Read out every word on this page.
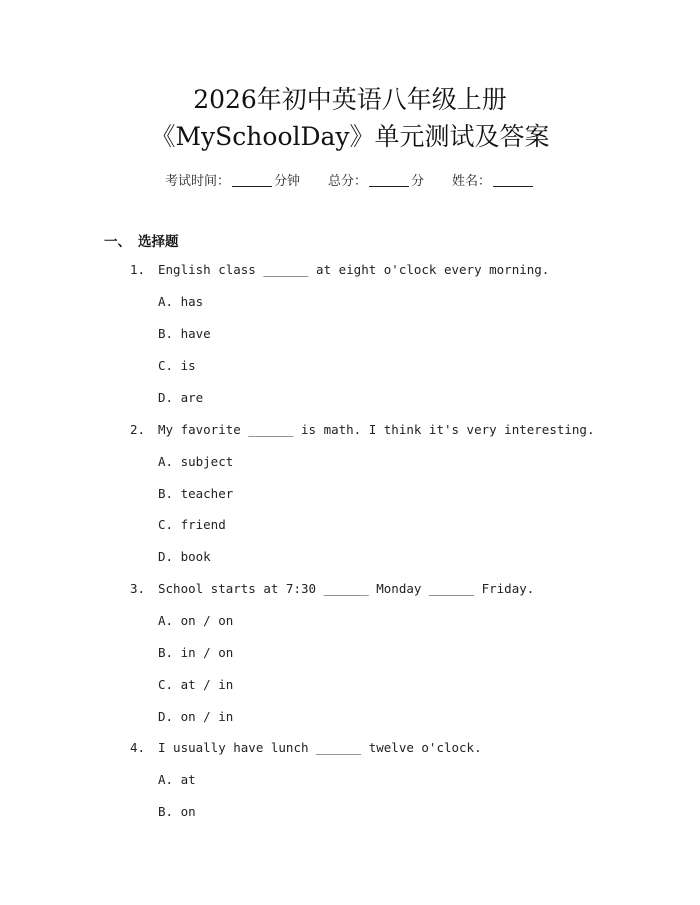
2026年初中英语八年级上册
《MySchoolDay》单元测试及答案
考试时间：	分钟 总分：	分 姓名：
一、 选择题
1. English class ______ at eight o'clock every morning.
A. has
B. have
C. is
D. are
2. My favorite ______ is math. I think it's very interesting.
A. subject
B. teacher
C. friend
D. book
3. School starts at 7:30 ______ Monday ______ Friday.
A. on / on
B. in / on
C. at / in
D. on / in
4. I usually have lunch ______ twelve o'clock.
A. at
B. on
